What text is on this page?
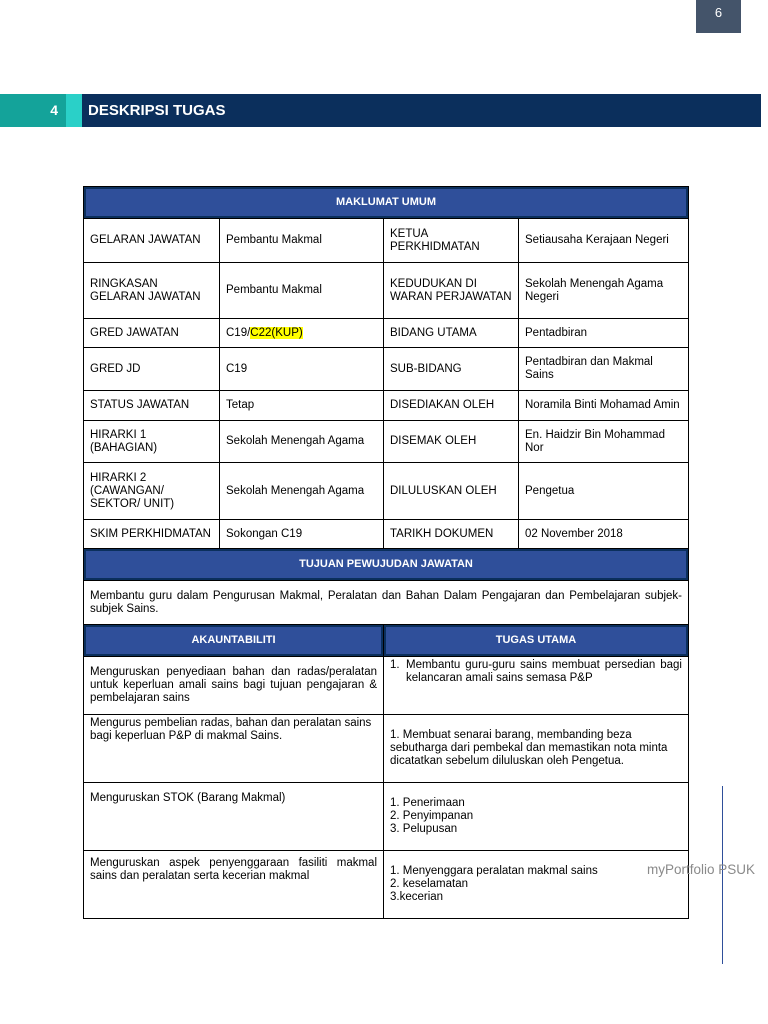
6
4	DESKRIPSI TUGAS
MAKLUMAT UMUM			
GELARAN JAWATAN	Pembantu Makmal	KETUA PERKHIDMATAN	Setiausaha Kerajaan Negeri
RINGKASAN GELARAN JAWATAN	Pembantu Makmal	KEDUDUKAN DI WARAN PERJAWATAN	Sekolah Menengah Agama Negeri
GRED JAWATAN	C19/C22(KUP)	BIDANG UTAMA	Pentadbiran
GRED JD	C19	SUB-BIDANG	Pentadbiran dan Makmal Sains
STATUS JAWATAN	Tetap	DISEDIAKAN OLEH	Noramila Binti Mohamad Amin
HIRARKI 1 (BAHAGIAN)	Sekolah Menengah Agama	DISEMAK OLEH	En. Haidzir Bin Mohammad Nor
HIRARKI 2 (CAWANGAN/ SEKTOR/ UNIT)	Sekolah Menengah Agama	DILULUSKAN OLEH	Pengetua
SKIM PERKHIDMATAN	Sokongan C19	TARIKH DOKUMEN	02 November 2018
TUJUAN PEWUJUDAN JAWATAN			
Membantu guru dalam Pengurusan Makmal, Peralatan dan Bahan Dalam Pengajaran dan Pembelajaran subjek-subjek Sains.			
AKAUNTABILITI		TUGAS UTAMA	
Menguruskan penyediaan bahan dan radas/peralatan untuk keperluan amali sains bagi tujuan pengajaran & pembelajaran sains		1. Membantu guru-guru sains membuat persedian bagi kelancaran amali sains semasa P&P	

Mengurus pembelian radas, bahan dan peralatan sains bagi keperluan P&P di makmal Sains.		1. Membuat senarai barang, membanding beza sebutharga dari pembekal dan memastikan nota minta dicatatkan sebelum diluluskan oleh Pengetua.	
Menguruskan STOK (Barang Makmal)		1. Penerimaan
2. Penyimpanan
3. Pelupusan	

Menguruskan aspek penyenggaraan fasiliti makmal sains dan peralatan serta kecerian makmal		1. Menyenggara peralatan makmal sains
2. keselamatan
3.kecerian	
myPortfolio PSUK
